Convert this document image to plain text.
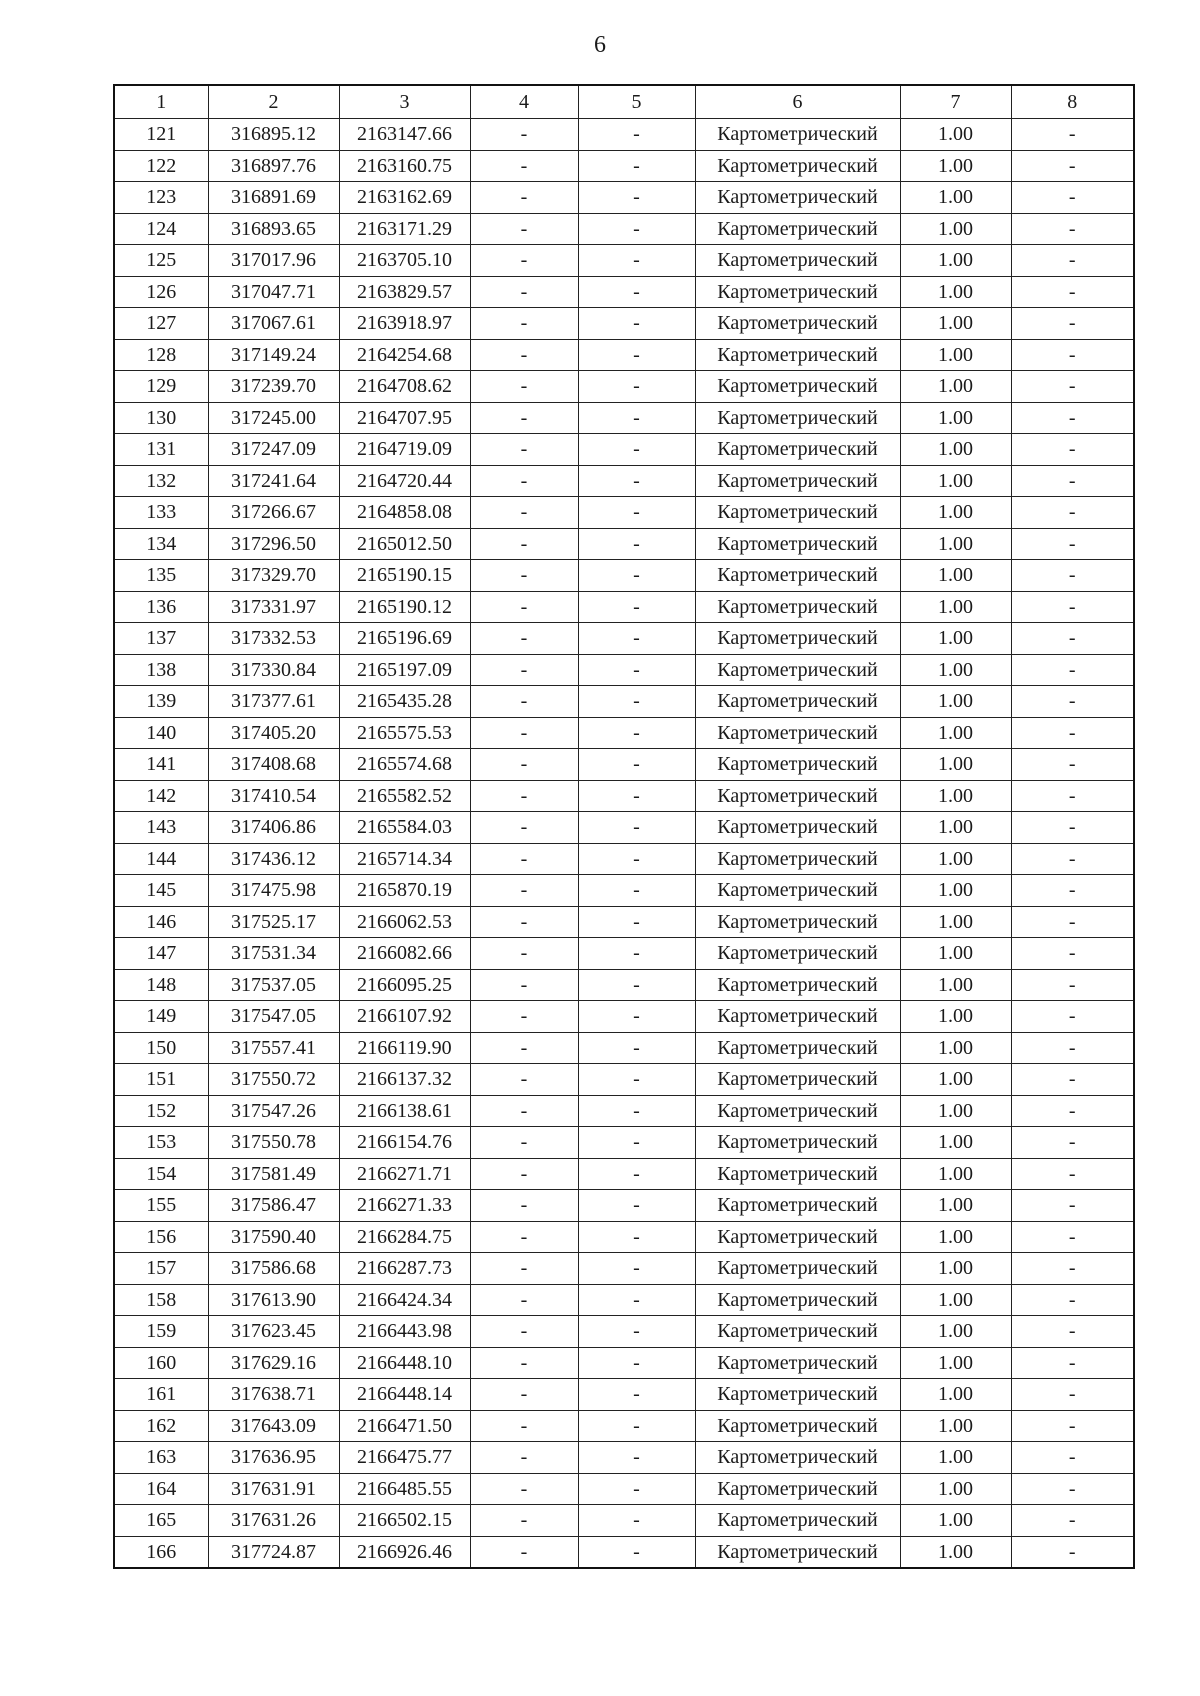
6
1	2	3	4	5	6	7	8
121	316895.12	2163147.66	-	-	Картометрический	1.00	-
122	316897.76	2163160.75	-	-	Картометрический	1.00	-
123	316891.69	2163162.69	-	-	Картометрический	1.00	-
124	316893.65	2163171.29	-	-	Картометрический	1.00	-
125	317017.96	2163705.10	-	-	Картометрический	1.00	-
126	317047.71	2163829.57	-	-	Картометрический	1.00	-
127	317067.61	2163918.97	-	-	Картометрический	1.00	-
128	317149.24	2164254.68	-	-	Картометрический	1.00	-
129	317239.70	2164708.62	-	-	Картометрический	1.00	-
130	317245.00	2164707.95	-	-	Картометрический	1.00	-
131	317247.09	2164719.09	-	-	Картометрический	1.00	-
132	317241.64	2164720.44	-	-	Картометрический	1.00	-
133	317266.67	2164858.08	-	-	Картометрический	1.00	-
134	317296.50	2165012.50	-	-	Картометрический	1.00	-
135	317329.70	2165190.15	-	-	Картометрический	1.00	-
136	317331.97	2165190.12	-	-	Картометрический	1.00	-
137	317332.53	2165196.69	-	-	Картометрический	1.00	-
138	317330.84	2165197.09	-	-	Картометрический	1.00	-
139	317377.61	2165435.28	-	-	Картометрический	1.00	-
140	317405.20	2165575.53	-	-	Картометрический	1.00	-
141	317408.68	2165574.68	-	-	Картометрический	1.00	-
142	317410.54	2165582.52	-	-	Картометрический	1.00	-
143	317406.86	2165584.03	-	-	Картометрический	1.00	-
144	317436.12	2165714.34	-	-	Картометрический	1.00	-
145	317475.98	2165870.19	-	-	Картометрический	1.00	-
146	317525.17	2166062.53	-	-	Картометрический	1.00	-
147	317531.34	2166082.66	-	-	Картометрический	1.00	-
148	317537.05	2166095.25	-	-	Картометрический	1.00	-
149	317547.05	2166107.92	-	-	Картометрический	1.00	-
150	317557.41	2166119.90	-	-	Картометрический	1.00	-
151	317550.72	2166137.32	-	-	Картометрический	1.00	-
152	317547.26	2166138.61	-	-	Картометрический	1.00	-
153	317550.78	2166154.76	-	-	Картометрический	1.00	-
154	317581.49	2166271.71	-	-	Картометрический	1.00	-
155	317586.47	2166271.33	-	-	Картометрический	1.00	-
156	317590.40	2166284.75	-	-	Картометрический	1.00	-
157	317586.68	2166287.73	-	-	Картометрический	1.00	-
158	317613.90	2166424.34	-	-	Картометрический	1.00	-
159	317623.45	2166443.98	-	-	Картометрический	1.00	-
160	317629.16	2166448.10	-	-	Картометрический	1.00	-
161	317638.71	2166448.14	-	-	Картометрический	1.00	-
162	317643.09	2166471.50	-	-	Картометрический	1.00	-
163	317636.95	2166475.77	-	-	Картометрический	1.00	-
164	317631.91	2166485.55	-	-	Картометрический	1.00	-
165	317631.26	2166502.15	-	-	Картометрический	1.00	-
166	317724.87	2166926.46	-	-	Картометрический	1.00	-
